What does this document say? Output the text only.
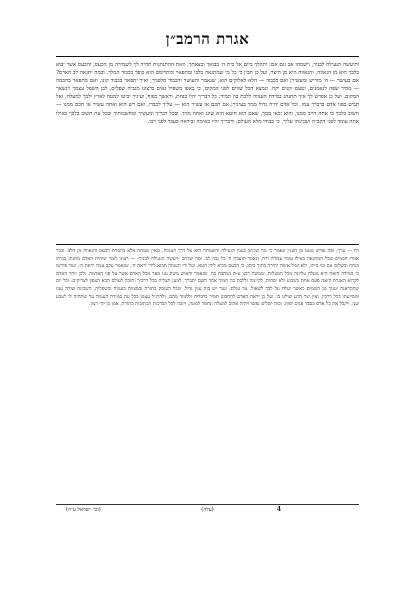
אגרת הרמב״ן
ותיעשה הנעילה לבניך, וישמחו אב וגם אם; ותהלך ביום אל בית ה׳ בבואך ובצאתך, וזאת ההתנהגות תהיה לך לשמירה מן הכעס, והכעס אשר יבוא בלבך הוא מן הגאווה, והגאווה היא מן היצר, ועל כן תבין כי כל מי שמתגאה בלבו ומתפאר ומתרומם הוא כופר בכבוד המלך. ובמה יתגאה לב האדם? אם בעושר — ה׳ מוריש ומעשיר; ואם בכבוד — הלא לאלוקים הוא, שנאמר והעושר והכבוד מלפניך, ואיך יתפאר בכבוד קונו. ואם מתפאר בחכמה — מסיר שפה לנאמנים, וטעם זקנים יקח. ונמצא הכל שווים לפני המקום, כי באפו משפיל גאים ברצונו מגביה שפלים, לכן השפל עצמך וינשאך המקום. ועל כן אפרש לך איך תתנהג במידת הענווה ללכת בה תמיד: כל דבריך יהיו בנחת, וראשך כפוף, ועיניך יביטו למטה לארץ ולבך למעלה, ואל תביט בפני אדם בדברך עמו. וכל אדם יהיה גדול ממך בעיניך; אם חכם או עשיר הוא — עליך לכבדו, ואם רש הוא ואתה עשיר או חכם ממנו — חשוב בלבך כי אתה חייב ממנו, והוא זכאי ממך, שאם הוא חוטא הוא שוגג ואתה מזיד. ובכל דבריך ומעשיך ומחשבותיך ובכל עת חשוב בלבך כאילו אתה עומד לפני הקב״ה ושכינתו עליך, כי כבודו מלא העולם. ודבריך יהיו באימה וביראה כעבד לפני רבו.
דף — ערך; ופה נפרש מעט מן הענין ונאמר כי מה שכתב בענין הנעילה והשמחה הוא על דרך הענווה, שאין שמחה אלא בהסרת הכעס והגאווה מן הלב. וכבר אמרו חכמים שכל המתגאה כאילו עובד עבודה זרה, ונאמר תועבת ה׳ כל גבה לב. ומה שכתב ״ויעשה הנעילה לבניך״ — רצונו לומר שיהיה האדם מתנהג בביתו בנחת ובשלום עם בני ביתו, ולא יטיל אימה יתירה בתוך ביתו, כי הכעס מביא לידי חטא, ועל ידי הענווה תבוא לידי יראת ה׳, שנאמר עקב ענוה יראת ה׳. ועוד פירשו כי המידה הזאת היא מעלה עליונה מכל המעלות, שמשה רבנו ע״ה נשתבח בה, שנאמר והאיש משה ענו מאד מכל האדם אשר על פני האדמה. ולכן יזהר האדם לקרוא האגרת הזאת פעם אחת בשבוע ולא יפחות, לקיימה וללכת בה תמיד אחר השם יתברך, למען תצליח בכל דרכיך ותזכה לעולם הבא הצפון לצדיקים. וכל יום שתקראנה יענוך מן השמים כאשר יעלה על לבך לשאול, עד עולם. ועוד יש בזה ענין גדול, שכל העוסק בתורה ובמצוות בענווה ובשפלות, השכינה שורה עמו ומסייעתו בכל דרכיו, ואין יצר הרע שולט בו. ועל כן יראה האדם להתבונן תמיד בדבריה וללמוד מהם, ולהרגיל עצמו בכל עת במידת הענווה עד שתהיה לו לטבע שני, ויקבל את כל אדם בסבר פנים יפות. ובזה ישלים נפשו ויהיה אהוב למעלה ונחמד למטה, ויזכה לכל הברכות הכתובות בתורה, אמן כן יהי רצון.
(וכו׳ ישראל ע״ה)	(עלה)	4
